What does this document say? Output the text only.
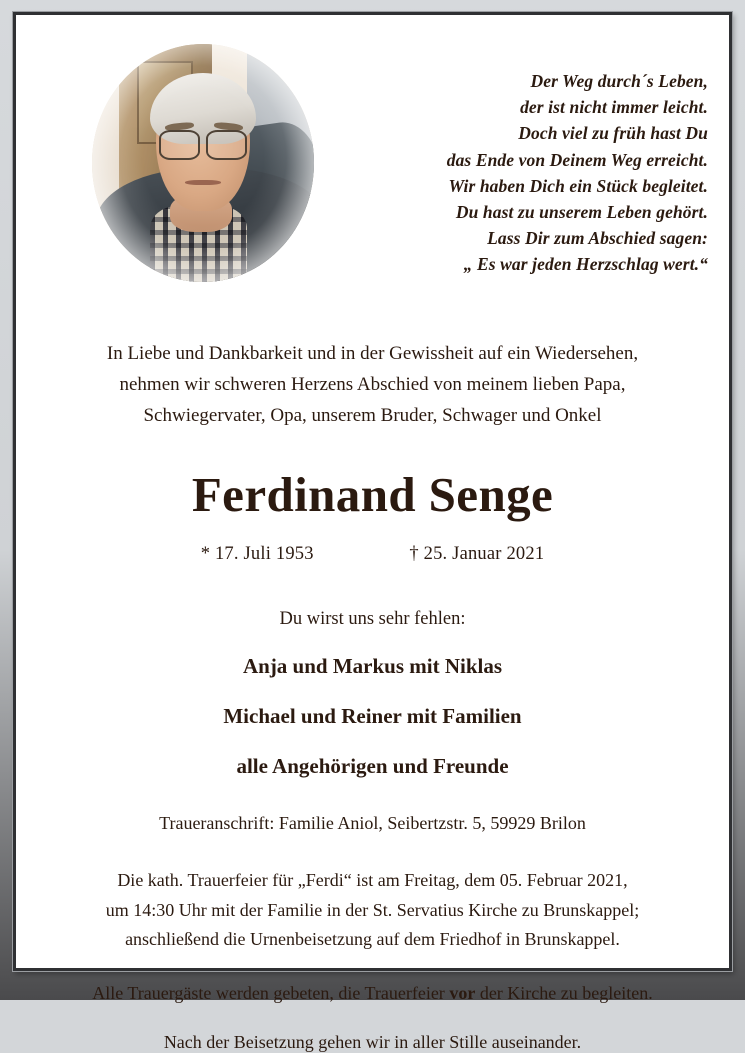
Der Weg durch´s Leben,
der ist nicht immer leicht.
Doch viel zu früh hast Du
das Ende von Deinem Weg erreicht.
Wir haben Dich ein Stück begleitet.
Du hast zu unserem Leben gehört.
Lass Dir zum Abschied sagen:
„ Es war jeden Herzschlag wert.“
In Liebe und Dankbarkeit und in der Gewissheit auf ein Wiedersehen,
nehmen wir schweren Herzens Abschied von meinem lieben Papa,
Schwiegervater, Opa, unserem Bruder, Schwager und Onkel
Ferdinand Senge
* 17. Juli 1953	† 25. Januar 2021
Du wirst uns sehr fehlen:
Anja und Markus mit Niklas
Michael und Reiner mit Familien
alle Angehörigen und Freunde
Traueranschrift: Familie Aniol, Seibertzstr. 5, 59929 Brilon
Die kath. Trauerfeier für „Ferdi“ ist am Freitag, dem 05. Februar 2021,
um 14:30 Uhr mit der Familie in der St. Servatius Kirche zu Brunskappel;
anschließend die Urnenbeisetzung auf dem Friedhof in Brunskappel.
Alle Trauergäste werden gebeten, die Trauerfeier vor der Kirche zu begleiten.
Nach der Beisetzung gehen wir in aller Stille auseinander.
